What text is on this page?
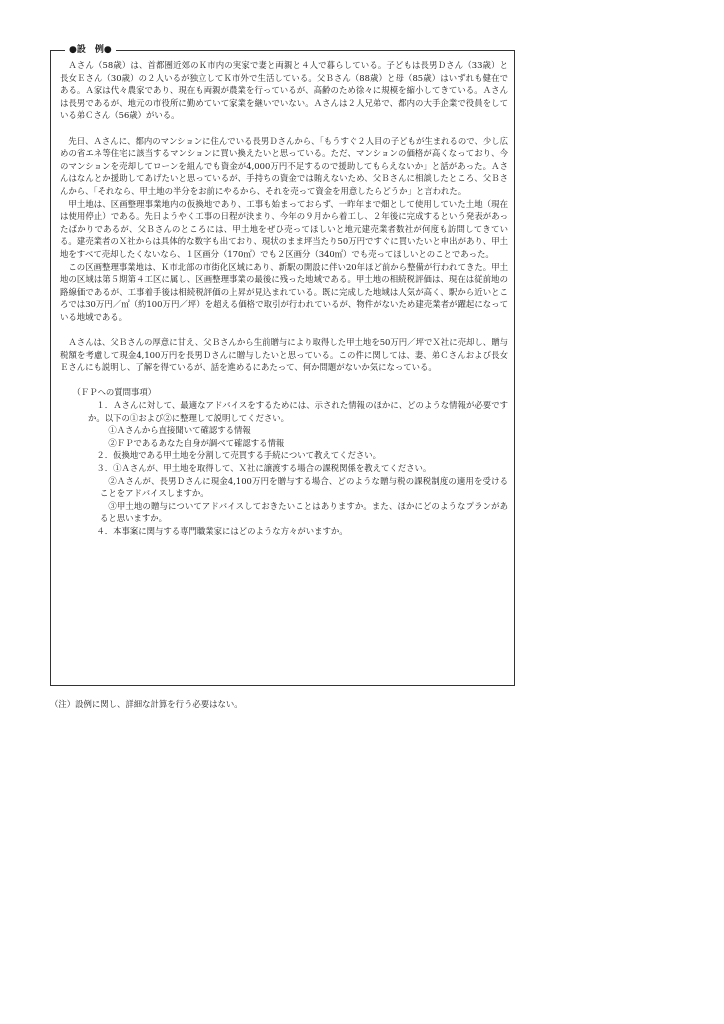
●設　例●

Ａさん（58歳）は、首都圏近郊のＫ市内の実家で妻と両親と４人で暮らしている。子どもは長男Ｄさん（33歳）と長女Ｅさん（30歳）の２人いるが独立してＫ市外で生活している。父Ｂさん（88歳）と母（85歳）はいずれも健在である。Ａ家は代々農家であり、現在も両親が農業を行っているが、高齢のため徐々に規模を縮小してきている。Ａさんは長男であるが、地元の市役所に勤めていて家業を継いでいない。Ａさんは２人兄弟で、都内の大手企業で役員をしている弟Ｃさん（56歳）がいる。

先日、Ａさんに、都内のマンションに住んでいる長男Ｄさんから、「もうすぐ２人目の子どもが生まれるので、少し広めの省エネ等住宅に該当するマンションに買い換えたいと思っている。ただ、マンションの価格が高くなっており、今のマンションを売却してローンを組んでも資金が4,000万円不足するので援助してもらえないか」と話があった。Ａさんはなんとか援助してあげたいと思っているが、手持ちの資金では賄えないため、父Ｂさんに相談したところ、父Ｂさんから、「それなら、甲土地の半分をお前にやるから、それを売って資金を用意したらどうか」と言われた。

甲土地は、区画整理事業地内の仮換地であり、工事も始まっておらず、一昨年まで畑として使用していた土地（現在は使用停止）である。先日ようやく工事の日程が決まり、今年の９月から着工し、２年後に完成するという発表があったばかりであるが、父Ｂさんのところには、甲土地をぜひ売ってほしいと地元建売業者数社が何度も訪問してきている。建売業者のＸ社からは具体的な数字も出ており、現状のまま坪当たり50万円ですぐに買いたいと申出があり、甲土地をすべて売却したくないなら、１区画分（170㎡）でも２区画分（340㎡）でも売ってほしいとのことであった。

この区画整理事業地は、Ｋ市北部の市街化区域にあり、新駅の開設に伴い20年ほど前から整備が行われてきた。甲土地の区域は第５期第４工区に属し、区画整理事業の最後に残った地域である。甲土地の相続税評価は、現在は従前地の路線価であるが、工事着手後は相続税評価の上昇が見込まれている。既に完成した地域は人気が高く、駅から近いところでは30万円／㎡（約100万円／坪）を超える価格で取引が行われているが、物件がないため建売業者が躍起になっている地域である。

Ａさんは、父Ｂさんの厚意に甘え、父Ｂさんから生前贈与により取得した甲土地を50万円／坪でＸ社に売却し、贈与税額を考慮して現金4,100万円を長男Ｄさんに贈与したいと思っている。この件に関しては、妻、弟Ｃさんおよび長女Ｅさんにも説明し、了解を得ているが、話を進めるにあたって、何か問題がないか気になっている。

（ＦＰへの質問事項）

１．Ａさんに対して、最適なアドバイスをするためには、示された情報のほかに、どのような情報が必要ですか。以下の①および②に整理して説明してください。

①Ａさんから直接聞いて確認する情報

②ＦＰであるあなた自身が調べて確認する情報

２．仮換地である甲土地を分割して売買する手続について教えてください。

３．①Ａさんが、甲土地を取得して、Ｘ社に譲渡する場合の課税関係を教えてください。

②Ａさんが、長男Ｄさんに現金4,100万円を贈与する場合、どのような贈与税の課税制度の適用を受けることをアドバイスしますか。

③甲土地の贈与についてアドバイスしておきたいことはありますか。また、ほかにどのようなプランがあると思いますか。

４．本事案に関与する専門職業家にはどのような方々がいますか。

（注）設例に関し、詳細な計算を行う必要はない。
